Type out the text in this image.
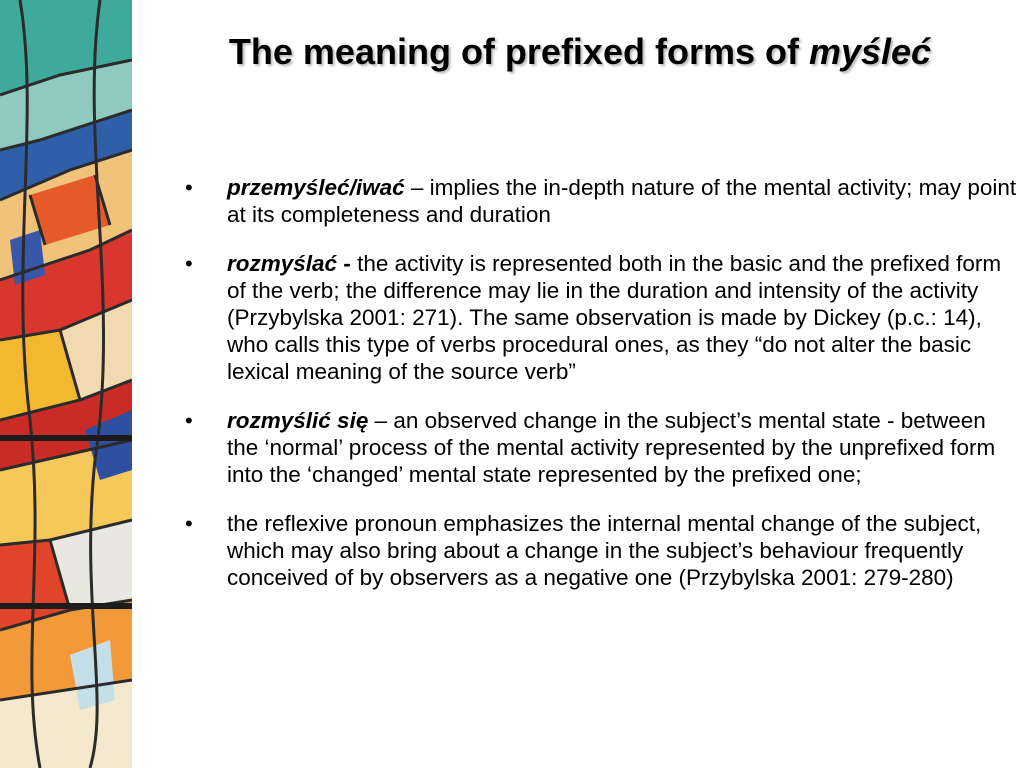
The meaning of prefixed forms of myśleć
• przemyśleć/iwać – implies the in-depth nature of the mental activity; may point at its completeness and duration
• rozmyślać - the activity is represented both in the basic and the prefixed form of the verb; the difference may lie in the duration and intensity of the activity (Przybylska 2001: 271). The same observation is made by Dickey (p.c.: 14), who calls this type of verbs procedural ones, as they “do not alter the basic lexical meaning of the source verb”
• rozmyślić się – an observed change in the subject’s mental state - between the ‘normal’ process of the mental activity represented by the unprefixed form into the ‘changed’ mental state represented by the prefixed one;
• the reflexive pronoun emphasizes the internal mental change of the subject, which may also bring about a change in the subject’s behaviour frequently conceived of by observers as a negative one (Przybylska 2001: 279-280)
